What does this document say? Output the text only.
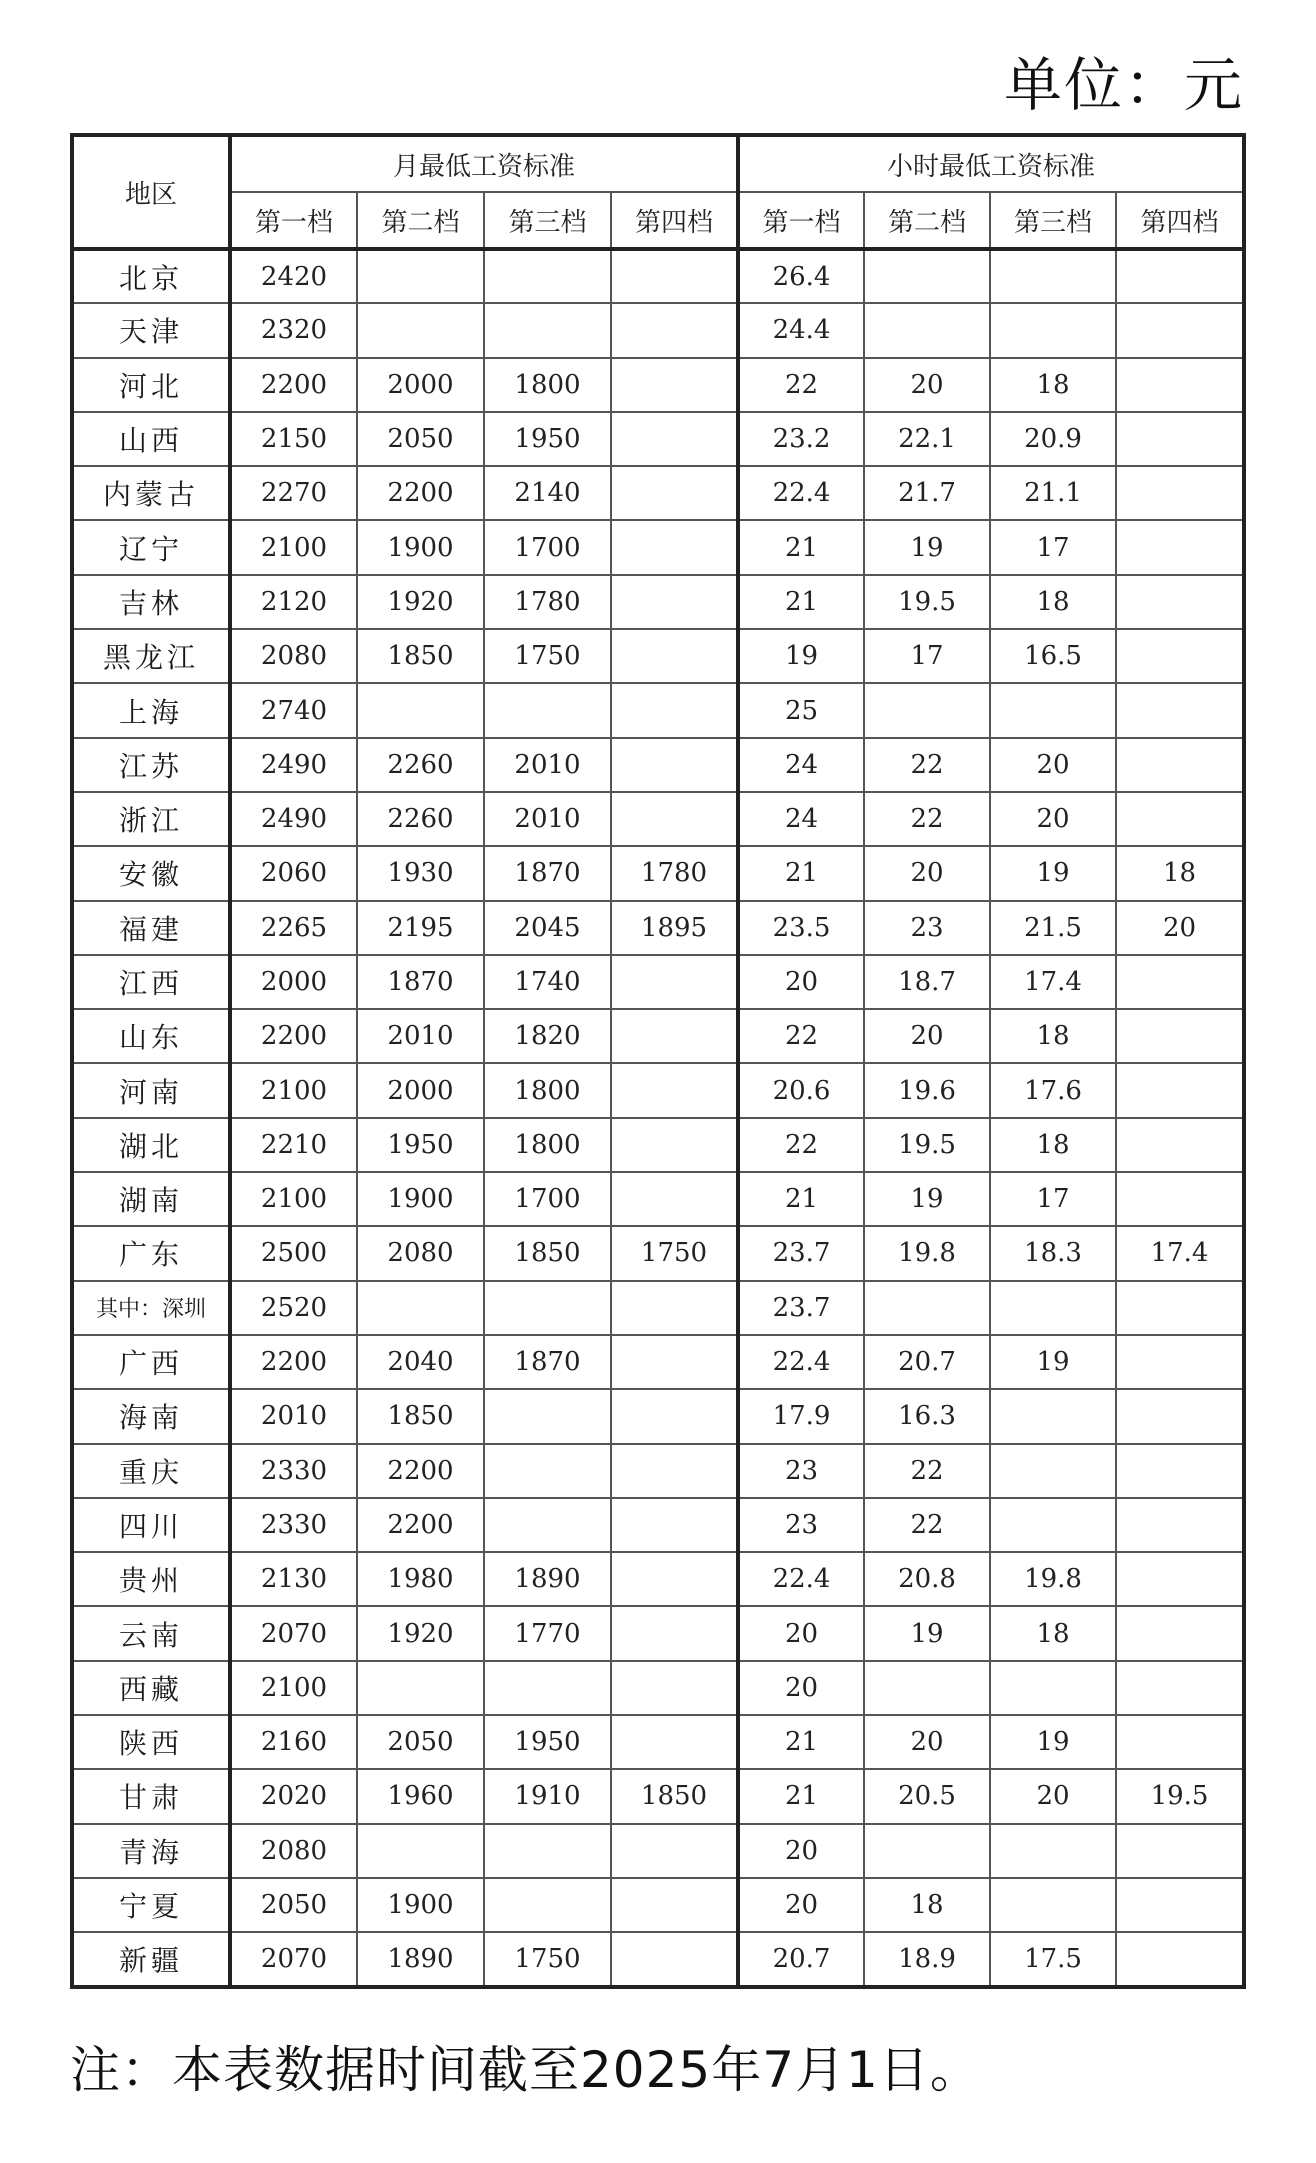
单位：元
地区	月最低工资标准				小时最低工资标准			
	第一档	第二档	第三档	第四档	第一档	第二档	第三档	第四档
北京	2420				26.4			
天津	2320				24.4			
河北	2200	2000	1800		22	20	18	
山西	2150	2050	1950		23.2	22.1	20.9	
内蒙古	2270	2200	2140		22.4	21.7	21.1	
辽宁	2100	1900	1700		21	19	17	
吉林	2120	1920	1780		21	19.5	18	
黑龙江	2080	1850	1750		19	17	16.5	
上海	2740				25			
江苏	2490	2260	2010		24	22	20	
浙江	2490	2260	2010		24	22	20	
安徽	2060	1930	1870	1780	21	20	19	18
福建	2265	2195	2045	1895	23.5	23	21.5	20
江西	2000	1870	1740		20	18.7	17.4	
山东	2200	2010	1820		22	20	18	
河南	2100	2000	1800		20.6	19.6	17.6	
湖北	2210	1950	1800		22	19.5	18	
湖南	2100	1900	1700		21	19	17	
广东	2500	2080	1850	1750	23.7	19.8	18.3	17.4
其中：深圳	2520				23.7			
广西	2200	2040	1870		22.4	20.7	19	
海南	2010	1850			17.9	16.3		
重庆	2330	2200			23	22		
四川	2330	2200			23	22		
贵州	2130	1980	1890		22.4	20.8	19.8	
云南	2070	1920	1770		20	19	18	
西藏	2100				20			
陕西	2160	2050	1950		21	20	19	
甘肃	2020	1960	1910	1850	21	20.5	20	19.5
青海	2080				20			
宁夏	2050	1900			20	18		
新疆	2070	1890	1750		20.7	18.9	17.5	
注：本表数据时间截至2025年7月1日。
